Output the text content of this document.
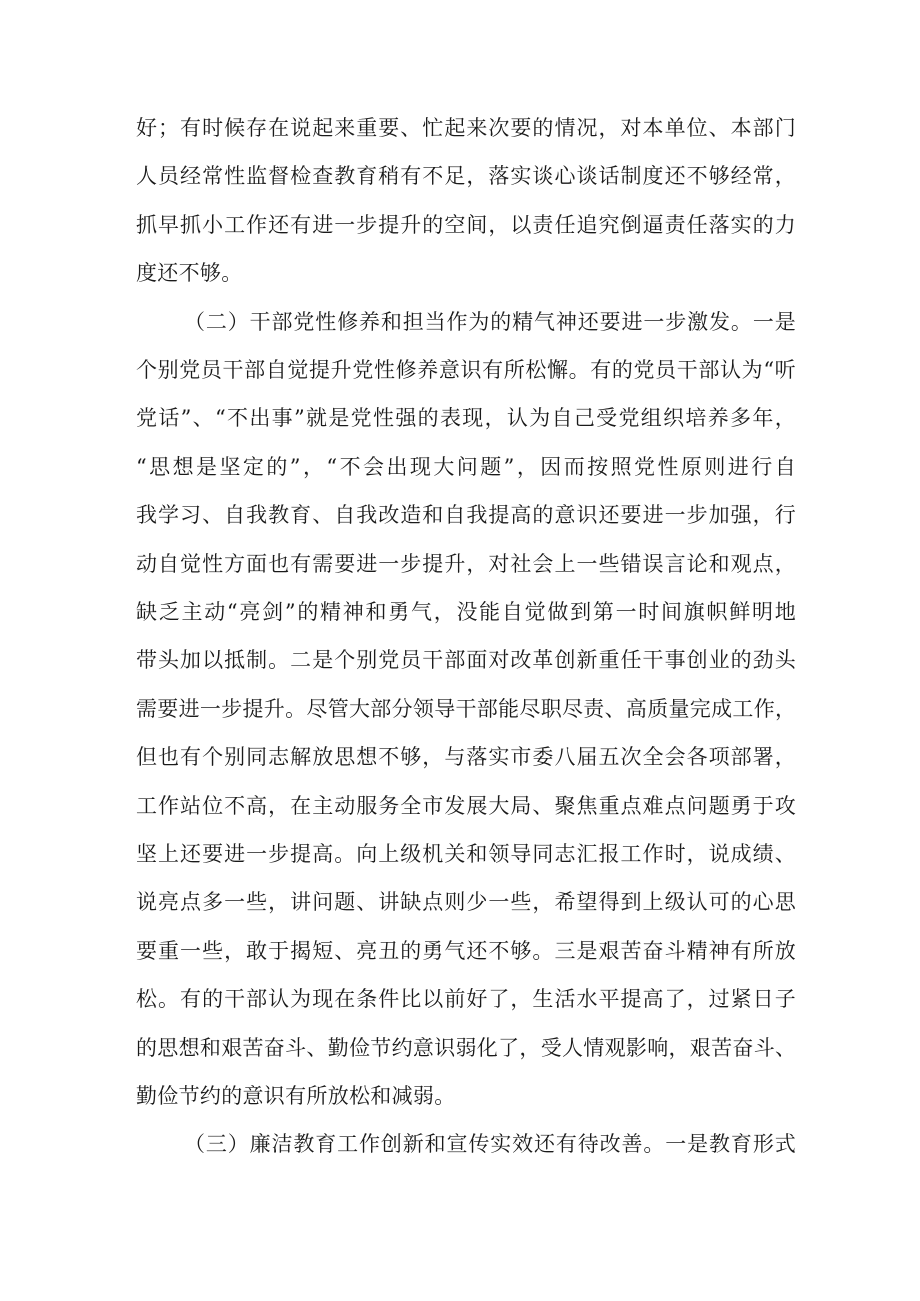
好；有时候存在说起来重要、忙起来次要的情况，对本单位、本部门
人员经常性监督检查教育稍有不足，落实谈心谈话制度还不够经常，
抓早抓小工作还有进一步提升的空间，以责任追究倒逼责任落实的力
度还不够。
（二）干部党性修养和担当作为的精气神还要进一步激发。一是
个别党员干部自觉提升党性修养意识有所松懈。有的党员干部认为“听
党话”、“不出事”就是党性强的表现，认为自己受党组织培养多年，
“思想是坚定的”，“不会出现大问题”，因而按照党性原则进行自
我学习、自我教育、自我改造和自我提高的意识还要进一步加强，行
动自觉性方面也有需要进一步提升，对社会上一些错误言论和观点，
缺乏主动“亮剑”的精神和勇气，没能自觉做到第一时间旗帜鲜明地
带头加以抵制。二是个别党员干部面对改革创新重任干事创业的劲头
需要进一步提升。尽管大部分领导干部能尽职尽责、高质量完成工作，
但也有个别同志解放思想不够，与落实市委八届五次全会各项部署，
工作站位不高，在主动服务全市发展大局、聚焦重点难点问题勇于攻
坚上还要进一步提高。向上级机关和领导同志汇报工作时，说成绩、
说亮点多一些，讲问题、讲缺点则少一些，希望得到上级认可的心思
要重一些，敢于揭短、亮丑的勇气还不够。三是艰苦奋斗精神有所放
松。有的干部认为现在条件比以前好了，生活水平提高了，过紧日子
的思想和艰苦奋斗、勤俭节约意识弱化了，受人情观影响，艰苦奋斗、
勤俭节约的意识有所放松和减弱。
（三）廉洁教育工作创新和宣传实效还有待改善。一是教育形式
